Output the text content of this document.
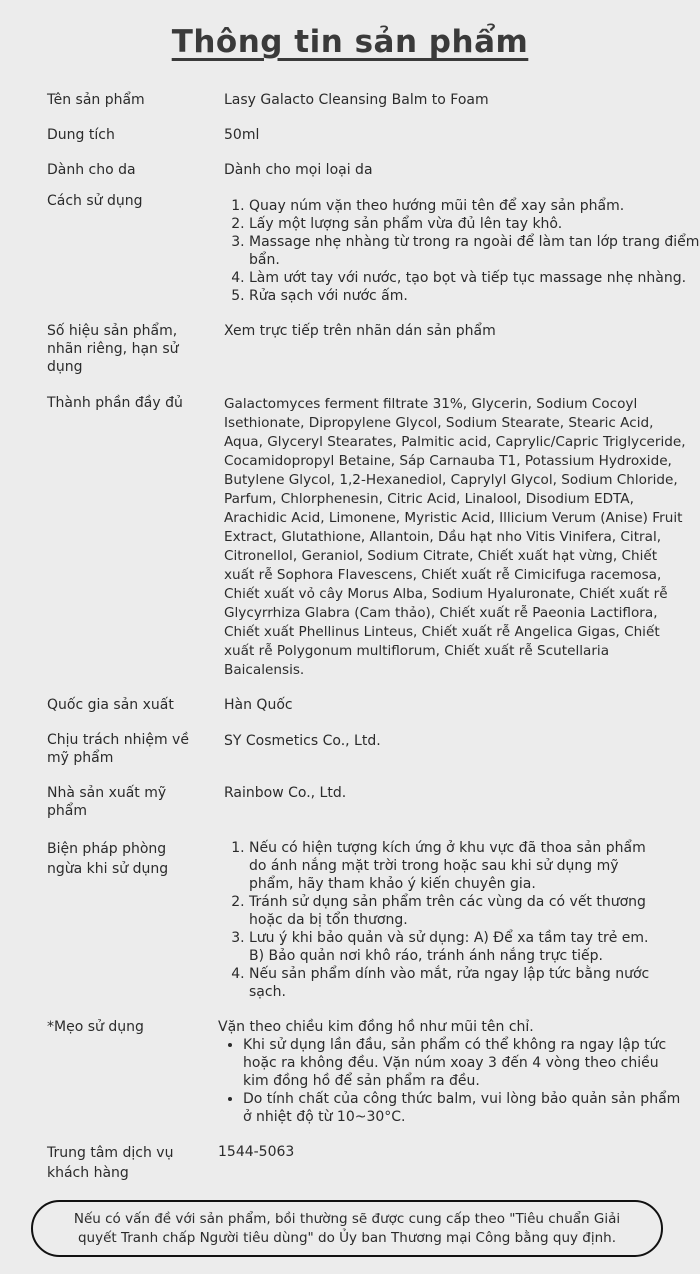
Thông tin sản phẩm
Tên sản phẩm	Lasy Galacto Cleansing Balm to Foam
Dung tích	50ml
Dành cho da	Dành cho mọi loại da
Cách sử dụng
1.	Quay núm vặn theo hướng mũi tên để xay sản phẩm.
2. Lấy một lượng sản phẩm vừa đủ lên tay khô.
3. Massage nhẹ nhàng từ trong ra ngoài để làm tan lớp trang điểm bẩn.
4. Làm ướt tay với nước, tạo bọt và tiếp tục massage nhẹ nhàng.
5. Rửa sạch với nước ấm.
Số hiệu sản phẩm, nhãn riêng, hạn sử dụng
Xem trực tiếp trên nhãn dán sản phẩm
Thành phần đầy đủ	Galactomyces ferment filtrate 31%, Glycerin, Sodium Cocoyl Isethionate, Dipropylene Glycol, Sodium Stearate, Stearic Acid, Aqua, Glyceryl Stearates, Palmitic acid, Caprylic/Capric Triglyceride, Cocamidopropyl Betaine, Sáp Carnauba T1, Potassium Hydroxide, Butylene Glycol, 1,2-Hexanediol, Caprylyl Glycol, Sodium Chloride, Parfum, Chlorphenesin, Citric Acid, Linalool, Disodium EDTA, Arachidic Acid, Limonene, Myristic Acid, Illicium Verum (Anise) Fruit Extract, Glutathione, Allantoin, Dầu hạt nho Vitis Vinifera, Citral, Citronellol, Geraniol, Sodium Citrate, Chiết xuất hạt vừng, Chiết xuất rễ Sophora Flavescens, Chiết xuất rễ Cimicifuga racemosa, Chiết xuất vỏ cây Morus Alba, Sodium Hyaluronate, Chiết xuất rễ Glycyrrhiza Glabra (Cam thảo), Chiết xuất rễ Paeonia Lactiflora, Chiết xuất Phellinus Linteus, Chiết xuất rễ Angelica Gigas, Chiết xuất rễ Polygonum multiflorum, Chiết xuất rễ Scutellaria Baicalensis.
Quốc gia sản xuất	Hàn Quốc
Chịu trách nhiệm về mỹ phẩm
SY Cosmetics Co., Ltd.
Nhà sản xuất mỹ phẩm
Rainbow Co., Ltd.
Biện pháp phòng ngừa khi sử dụng
1. Nếu có hiện tượng kích ứng ở khu vực đã thoa sản phẩm do ánh nắng mặt trời trong hoặc sau khi sử dụng mỹ phẩm, hãy tham khảo ý kiến chuyên gia.
2. Tránh sử dụng sản phẩm trên các vùng da có vết thương hoặc da bị tổn thương.
3. Lưu ý khi bảo quản và sử dụng: A) Để xa tầm tay trẻ em. B) Bảo quản nơi khô ráo, tránh ánh nắng trực tiếp.
4. Nếu sản phẩm dính vào mắt, rửa ngay lập tức bằng nước sạch.
*Mẹo sử dụng	Vặn theo chiều kim đồng hồ như mũi tên chỉ.
• Khi sử dụng lần đầu, sản phẩm có thể không ra ngay lập tức hoặc ra không đều. Vặn núm xoay 3 đến 4 vòng theo chiều kim đồng hồ để sản phẩm ra đều.
• Do tính chất của công thức balm, vui lòng bảo quản sản phẩm ở nhiệt độ từ 10~30°C.
Trung tâm dịch vụ khách hàng
1544-5063
Nếu có vấn đề với sản phẩm, bồi thường sẽ được cung cấp theo "Tiêu chuẩn Giải quyết Tranh chấp Người tiêu dùng" do Ủy ban Thương mại Công bằng quy định.
